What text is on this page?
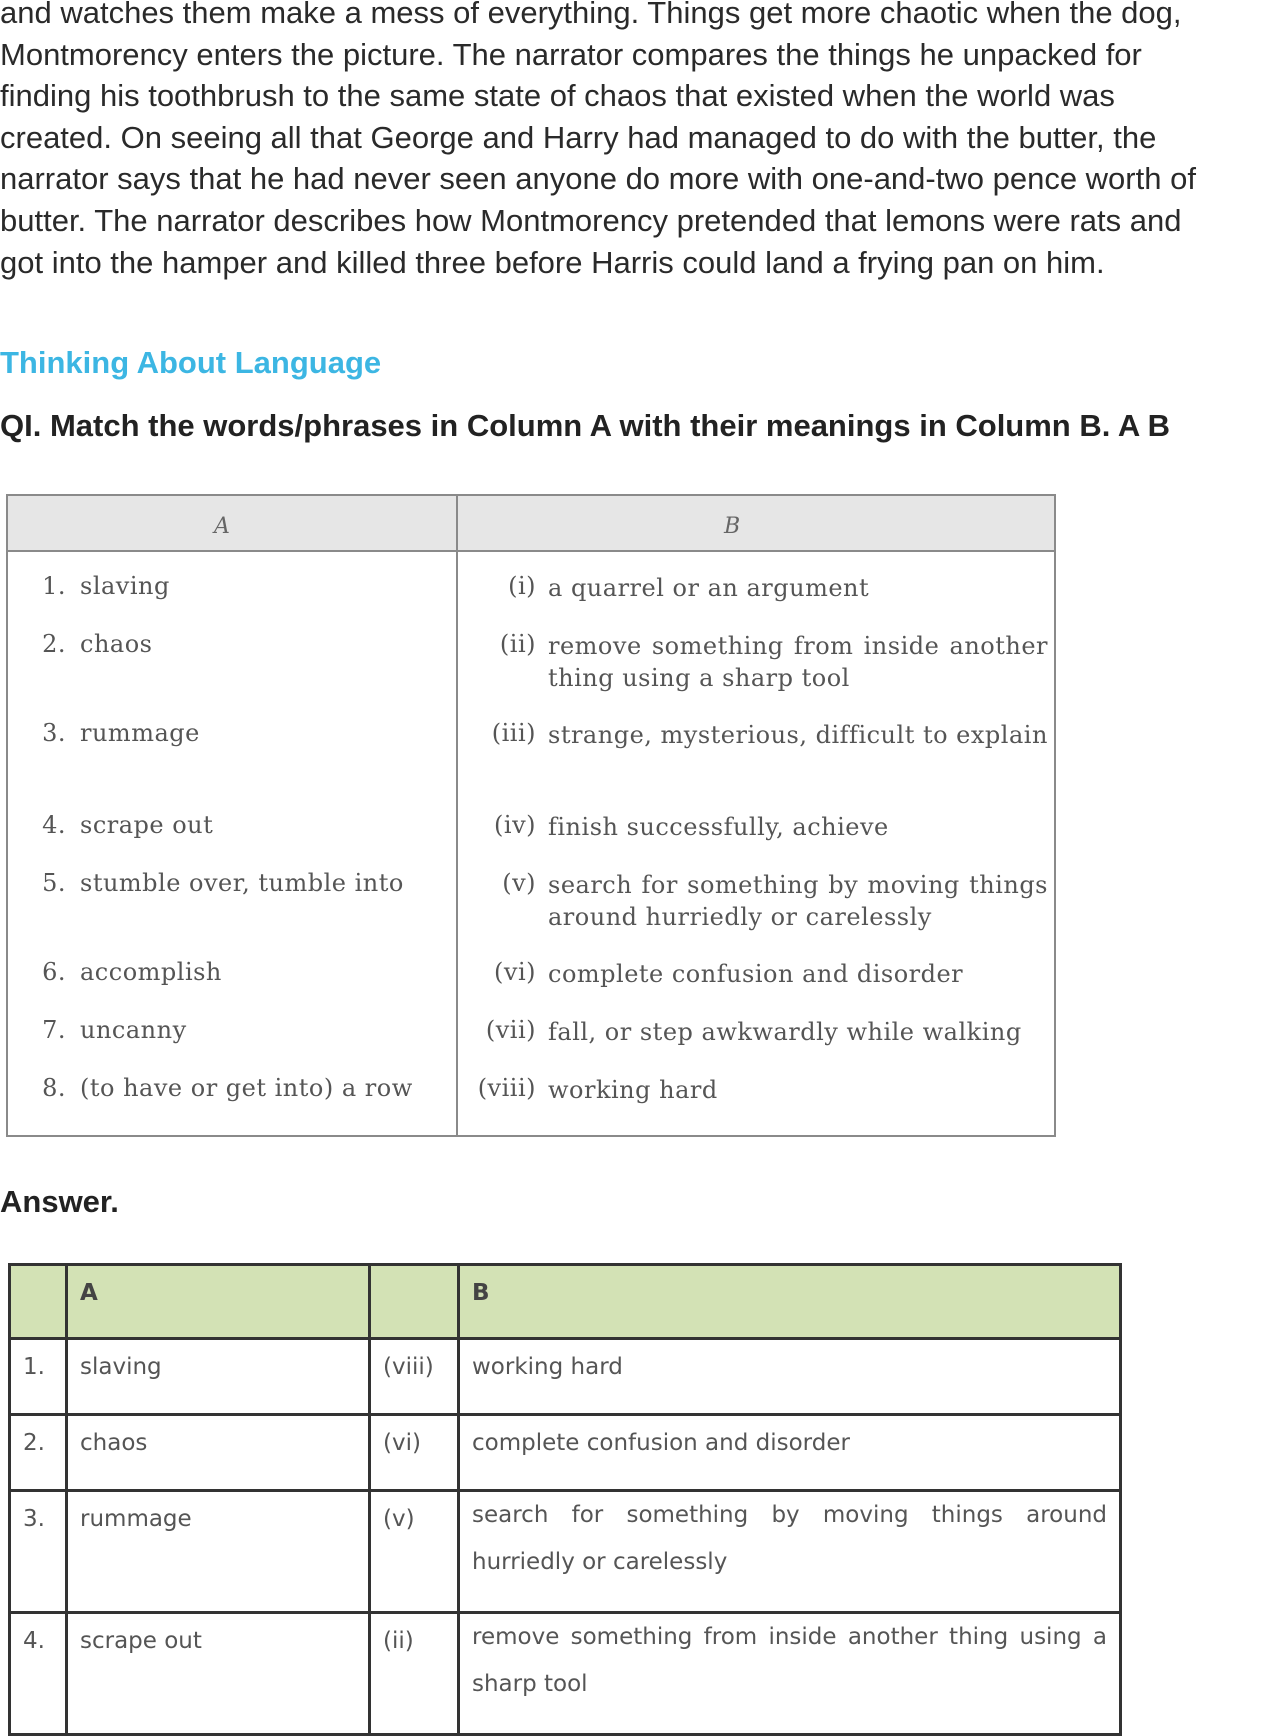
and watches them make a mess of everything. Things get more chaotic when the dog,
Montmorency enters the picture. The narrator compares the things he unpacked for
finding his toothbrush to the same state of chaos that existed when the world was
created. On seeing all that George and Harry had managed to do with the butter, the
narrator says that he had never seen anyone do more with one-and-two pence worth of
butter. The narrator describes how Montmorency pretended that lemons were rats and
got into the hamper and killed three before Harris could land a frying pan on him.
Thinking About Language

QI. Match the words/phrases in Column A with their meanings in Column B. A B

A	B
1. slaving	(i) a quarrel or an argument
2. chaos	(ii) remove something from inside another thing using a sharp tool
3. rummage	(iii) strange, mysterious, difficult to explain
4. scrape out	(iv) finish successfully, achieve
5. stumble over, tumble into	(v) search for something by moving things around hurriedly or carelessly
6. accomplish	(vi) complete confusion and disorder
7. uncanny	(vii) fall, or step awkwardly while walking
8. (to have or get into) a row	(viii) working hard
Answer.
	A		B
1.	slaving	(viii)	working hard
2.	chaos	(vi)	complete confusion and disorder
3.	rummage	(v)	search for something by moving things around hurriedly or carelessly
4.	scrape out	(ii)	remove something from inside another thing using a sharp tool
